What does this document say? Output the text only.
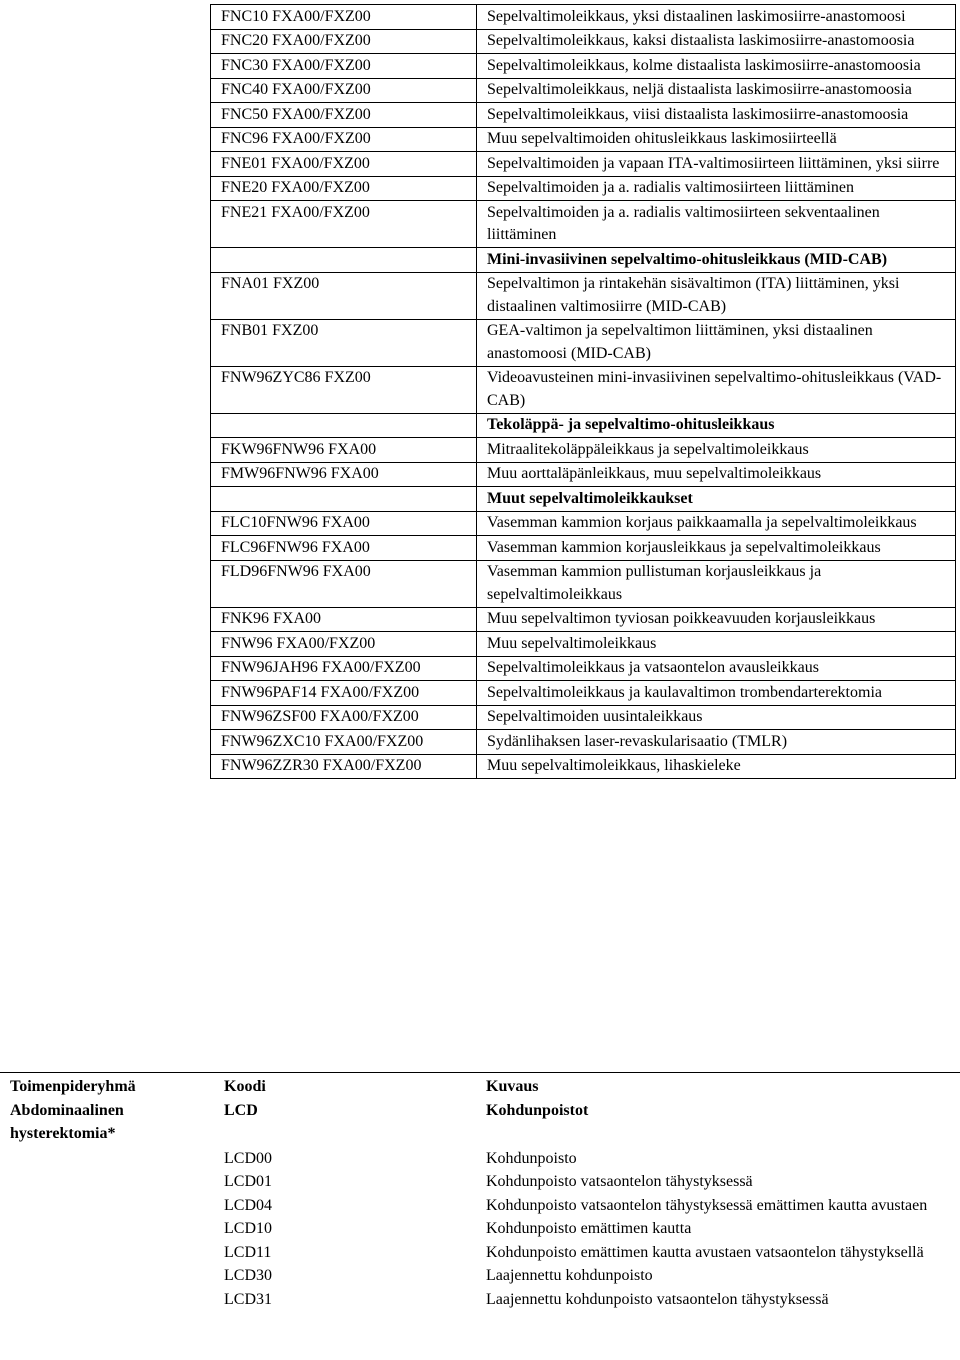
FNC10 FXA00/FXZ00	Sepelvaltimoleikkaus, yksi distaalinen laskimosiirre-anastomoosi
FNC20 FXA00/FXZ00	Sepelvaltimoleikkaus, kaksi distaalista laskimosiirre-anastomoosia
FNC30 FXA00/FXZ00	Sepelvaltimoleikkaus, kolme distaalista laskimosiirre-anastomoosia
FNC40 FXA00/FXZ00	Sepelvaltimoleikkaus, neljä distaalista laskimosiirre-anastomoosia
FNC50 FXA00/FXZ00	Sepelvaltimoleikkaus, viisi distaalista laskimosiirre-anastomoosia
FNC96 FXA00/FXZ00	Muu sepelvaltimoiden ohitusleikkaus laskimosiirteellä
FNE01 FXA00/FXZ00	Sepelvaltimoiden ja vapaan ITA-valtimosiirteen liittäminen, yksi siirre
FNE20 FXA00/FXZ00	Sepelvaltimoiden ja a. radialis valtimosiirteen liittäminen
FNE21 FXA00/FXZ00	Sepelvaltimoiden ja a. radialis valtimosiirteen sekventaalinen liittäminen
	Mini-invasiivinen sepelvaltimo-ohitusleikkaus (MID-CAB)
FNA01 FXZ00	Sepelvaltimon ja rintakehän sisävaltimon (ITA) liittäminen, yksi distaalinen valtimosiirre (MID-CAB)
FNB01 FXZ00	GEA-valtimon ja sepelvaltimon liittäminen, yksi distaalinen anastomoosi (MID-CAB)
FNW96ZYC86 FXZ00	Videoavusteinen mini-invasiivinen sepelvaltimo-ohitusleikkaus (VAD-CAB)
	Tekoläppä- ja sepelvaltimo-ohitusleikkaus
FKW96FNW96 FXA00	Mitraalitekoläppäleikkaus ja sepelvaltimoleikkaus
FMW96FNW96 FXA00	Muu aorttaläpänleikkaus, muu sepelvaltimoleikkaus
	Muut sepelvaltimoleikkaukset
FLC10FNW96 FXA00	Vasemman kammion korjaus paikkaamalla ja sepelvaltimoleikkaus
FLC96FNW96 FXA00	Vasemman kammion korjausleikkaus ja sepelvaltimoleikkaus
FLD96FNW96 FXA00	Vasemman kammion pullistuman korjausleikkaus ja sepelvaltimoleikkaus
FNK96 FXA00	Muu sepelvaltimon tyviosan poikkeavuuden korjausleikkaus
FNW96 FXA00/FXZ00	Muu sepelvaltimoleikkaus
FNW96JAH96 FXA00/FXZ00	Sepelvaltimoleikkaus ja vatsaontelon avausleikkaus
FNW96PAF14 FXA00/FXZ00	Sepelvaltimoleikkaus ja kaulavaltimon trombendarterektomia
FNW96ZSF00 FXA00/FXZ00	Sepelvaltimoiden uusintaleikkaus
FNW96ZXC10 FXA00/FXZ00	Sydänlihaksen laser-revaskularisaatio (TMLR)
FNW96ZZR30 FXA00/FXZ00	Muu sepelvaltimoleikkaus, lihaskieleke
Toimenpideryhmä	Koodi	Kuvaus
Abdominaalinen hysterektomia*	LCD	Kohdunpoistot
	LCD00	Kohdunpoisto
	LCD01	Kohdunpoisto vatsaontelon tähystyksessä
	LCD04	Kohdunpoisto vatsaontelon tähystyksessä emättimen kautta avustaen
	LCD10	Kohdunpoisto emättimen kautta
	LCD11	Kohdunpoisto emättimen kautta avustaen vatsaontelon tähystyksellä
	LCD30	Laajennettu kohdunpoisto
	LCD31	Laajennettu kohdunpoisto vatsaontelon tähystyksessä
